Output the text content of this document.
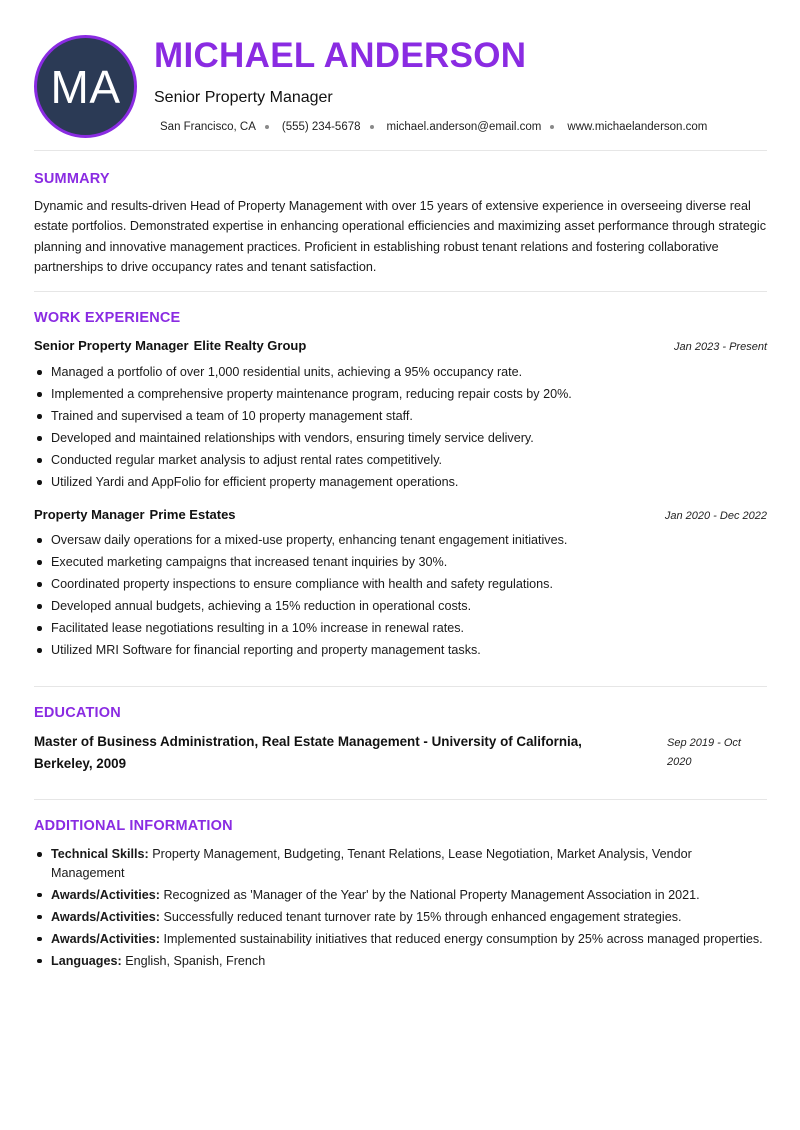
MA
MICHAEL ANDERSON
Senior Property Manager
San Francisco, CA (555) 234-5678 michael.anderson@email.com www.michaelanderson.com
SUMMARY
Dynamic and results-driven Head of Property Management with over 15 years of extensive experience in overseeing diverse real estate portfolios. Demonstrated expertise in enhancing operational efficiencies and maximizing asset performance through strategic planning and innovative management practices. Proficient in establishing robust tenant relations and fostering collaborative partnerships to drive occupancy rates and tenant satisfaction.
WORK EXPERIENCE
Senior Property Manager Elite Realty Group	Jan 2023 - Present
Managed a portfolio of over 1,000 residential units, achieving a 95% occupancy rate.
Implemented a comprehensive property maintenance program, reducing repair costs by 20%.
Trained and supervised a team of 10 property management staff.
Developed and maintained relationships with vendors, ensuring timely service delivery.
Conducted regular market analysis to adjust rental rates competitively.
Utilized Yardi and AppFolio for efficient property management operations.
Property Manager Prime Estates	Jan 2020 - Dec 2022
Oversaw daily operations for a mixed-use property, enhancing tenant engagement initiatives.
Executed marketing campaigns that increased tenant inquiries by 30%.
Coordinated property inspections to ensure compliance with health and safety regulations.
Developed annual budgets, achieving a 15% reduction in operational costs.
Facilitated lease negotiations resulting in a 10% increase in renewal rates.
Utilized MRI Software for financial reporting and property management tasks.
EDUCATION
Master of Business Administration, Real Estate Management - University of California, Berkeley, 2009
Sep 2019 - Oct 2020
ADDITIONAL INFORMATION
Technical Skills: Property Management, Budgeting, Tenant Relations, Lease Negotiation, Market Analysis, Vendor Management
Awards/Activities: Recognized as 'Manager of the Year' by the National Property Management Association in 2021.
Awards/Activities: Successfully reduced tenant turnover rate by 15% through enhanced engagement strategies.
Awards/Activities: Implemented sustainability initiatives that reduced energy consumption by 25% across managed properties.
Languages: English, Spanish, French
